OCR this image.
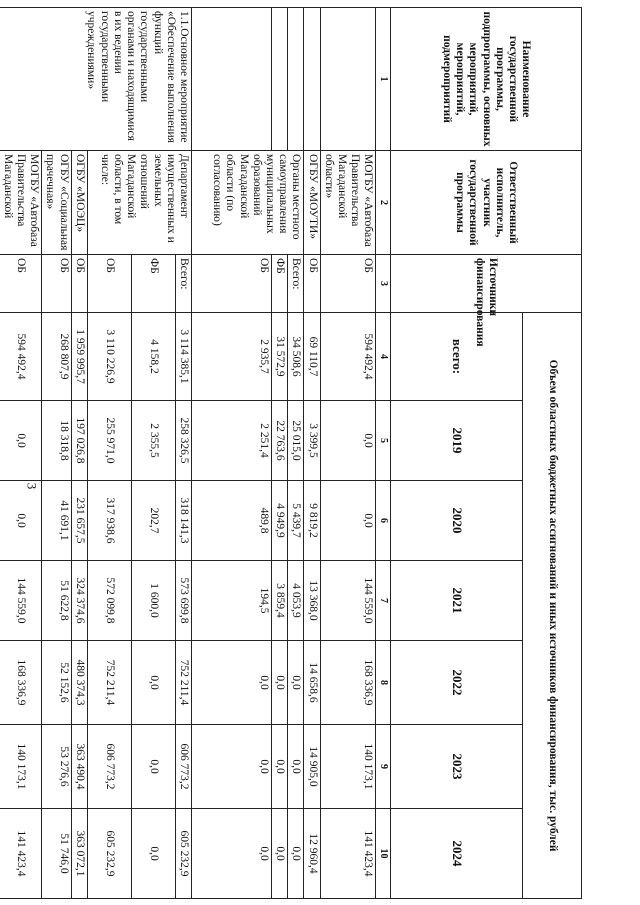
3
Наименование государственной программы, подпрограммы, основных мероприятий, мероприятий, подмероприятий	Ответственный исполнитель, участник государственной программы	Источники финансирования	Объем областных бюджетных ассигнований и иных источников финансирования, тыс. рублей						
			всего:	2019	2020	2021	2022	2023	2024
1	2	3	4	5	6	7	8	9	10
	МОГБУ «Автобаза Правительства Магаданской области»	ОБ	594 492,4	0,0	0,0	144 559,0	168 336,9	140 173,1	141 423,4
	ОГБУ «МОУТИ»	ОБ	69 110,7	3 399,5	9 819,2	13 368,0	14 658,6	14 905,0	12 960,4
	Органы местного самоуправления муниципальных образований Магаданской области (по согласованию)	Всего:	34 508,6	25 015,0	5 439,7	4 053,9	0,0	0,0	0,0
		ФБ	31 572,9	22 763,6	4 949,9	3 859,4	0,0	0,0	0,0
		ОБ	2 935,7	2 251,4	489,8	194,5	0,0	0,0	0,0
1.1.Основное мероприятие «Обеспечение выполнения функций государственными органами и находящимися в их ведении государственными учреждениями»	Департамент имущественных и земельных отношений Магаданской области, в том числе:	Всего:	3 114 385,1	258 326,5	318 141,3	573 699,8	752 211,4	606 773,2	605 232,9
		ФБ	4 158,2	2 355,5	202,7	1 600,0	0,0	0,0	0,0
		ОБ	3 110 226,9	255 971,0	317 938,6	572 099,8	752 211,4	606 773,2	605 232,9
	ОГБУ «МОЭЦ»	ОБ	1 959 995,7	197 026,8	231 657,5	324 374,6	480 374,3	363 490,4	363 072,1
	ОГБУ «Социальная прачечная»	ОБ	268 807,9	18 318,8	41 691,1	51 622,8	52 152,6	53 276,6	51 746,0
	МОГБУ «Автобаза Правительства Магаданской	ОБ	594 492,4	0,0	0,0	144 559,0	168 336,9	140 173,1	141 423,4
